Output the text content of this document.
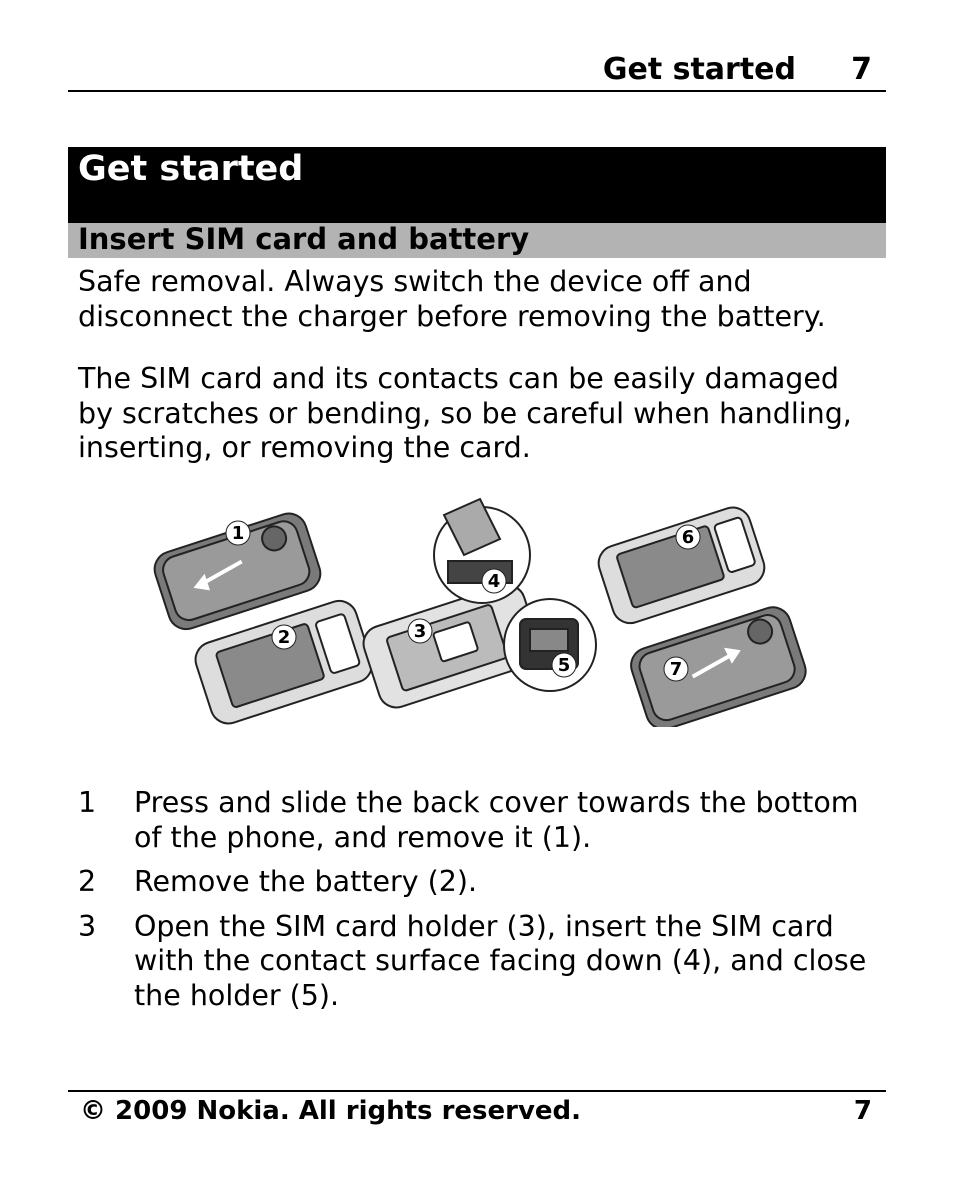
Get started 7
Get started
Insert SIM card and battery
Safe removal. Always switch the device off and disconnect the charger before removing the battery.
The SIM card and its contacts can be easily damaged by scratches or bending, so be careful when handling, inserting, or removing the card.
1
2	3
4
5
6
7
1 Press and slide the back cover towards the bottom of the phone, and remove it (1).
2 Remove the battery (2).
3 Open the SIM card holder (3), insert the SIM card with the contact surface facing down (4), and close the holder (5).
© 2009 Nokia. All rights reserved.	7
